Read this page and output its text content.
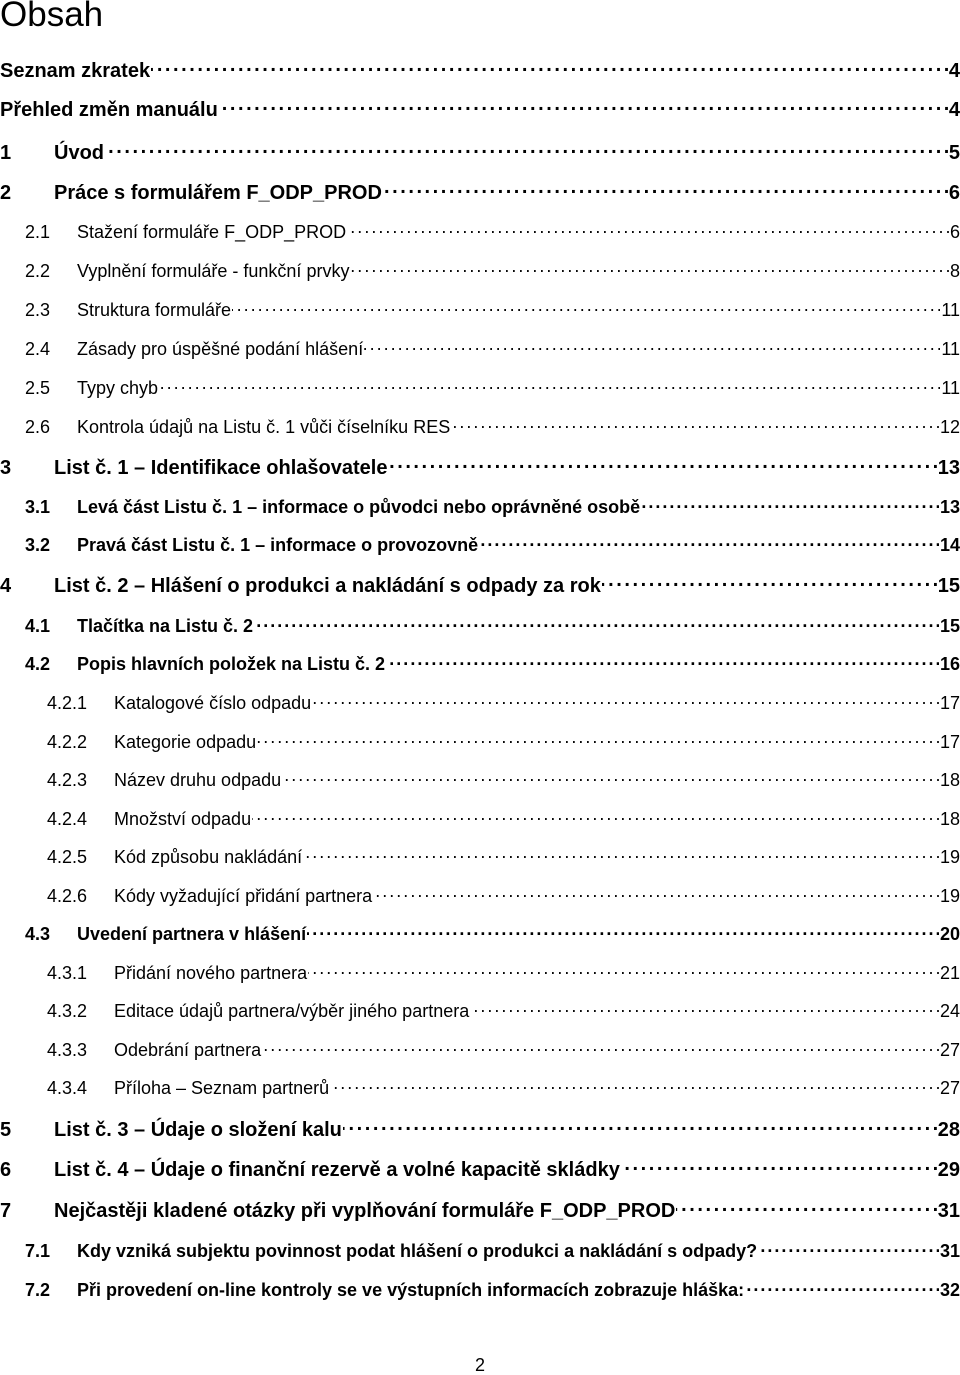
Obsah
Seznam zkratek . . .	4
Přehled změn manuálu . . .	4
1	Úvod . . .	5
2	Práce s formulářem F_ODP_PROD . . .	6
2.1	Stažení formuláře F_ODP_PROD . . .	6
2.2	Vyplnění formuláře - funkční prvky . . .	8
2.3	Struktura formuláře . . .	11
2.4	Zásady pro úspěšné podání hlášení . . .	11
2.5	Typy chyb . . .	11
2.6	Kontrola údajů na Listu č. 1 vůči číselníku RES . . .	12
3	List č. 1 – Identifikace ohlašovatele . . .	13
3.1	Levá část Listu č. 1 – informace o původci nebo oprávněné osobě . . .	13
3.2	Pravá část Listu č. 1 – informace o provozovně . . .	14
4	List č. 2 – Hlášení o produkci a nakládání s odpady za rok . . .	15
4.1	Tlačítka na Listu č. 2 . . .	15
4.2	Popis hlavních položek na Listu č. 2 . . .	16
4.2.1	Katalogové číslo odpadu . . .	17
4.2.2	Kategorie odpadu . . .	17
4.2.3	Název druhu odpadu . . .	18
4.2.4	Množství odpadu . . .	18
4.2.5	Kód způsobu nakládání . . .	19
4.2.6	Kódy vyžadující přidání partnera . . .	19
4.3	Uvedení partnera v hlášení . . .	20
4.3.1	Přidání nového partnera . . .	21
4.3.2	Editace údajů partnera/výběr jiného partnera . . .	24
4.3.3	Odebrání partnera . . .	27
4.3.4	Příloha – Seznam partnerů . . .	27
5	List č. 3 – Údaje o složení kalu . . .	28
6	List č. 4 – Údaje o finanční rezervě a volné kapacitě skládky . . .	29
7	Nejčastěji kladené otázky při vyplňování formuláře F_ODP_PROD . . .	31
7.1	Kdy vzniká subjektu povinnost podat hlášení o produkci a nakládání s odpady? . . .	31
7.2	Při provedení on-line kontroly se ve výstupních informacích zobrazuje hláška: . . .	32
2
